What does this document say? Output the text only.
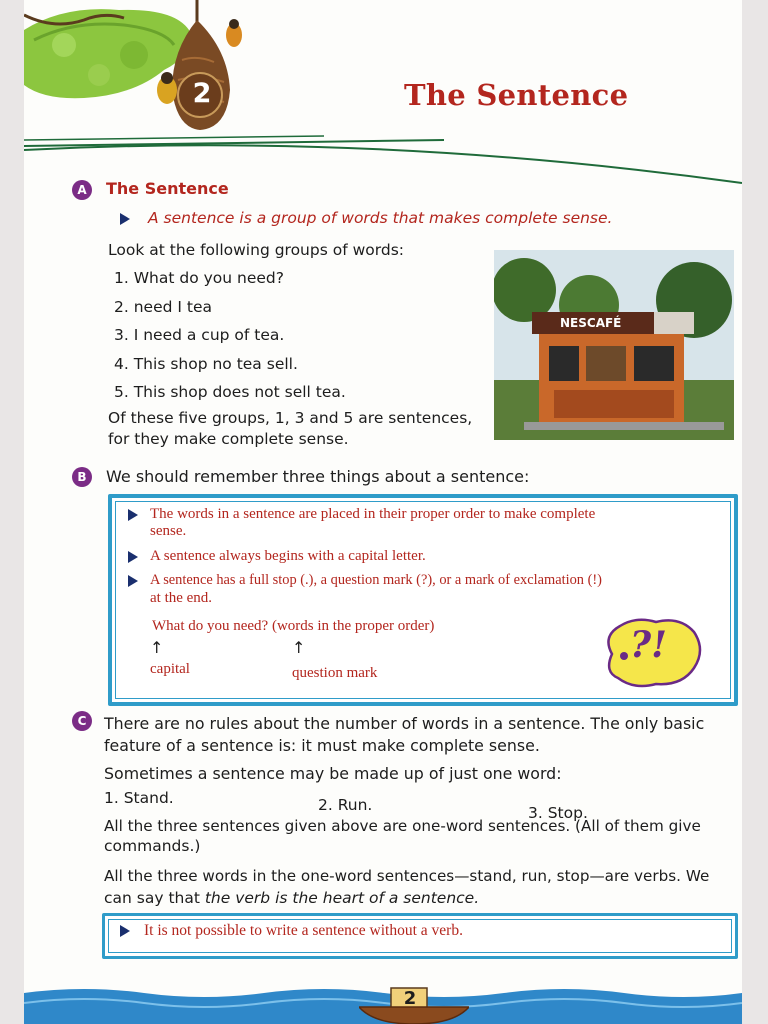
2	The Sentence
A	The Sentence
A sentence is a group of words that makes complete sense.
Look at the following groups of words:
1. What do you need?
2. need I tea
3. I need a cup of tea.
4. This shop no tea sell.
5. This shop does not sell tea.
Of these five groups, 1, 3 and 5 are sentences,
for they make complete sense.
NESCAFÉ
B	We should remember three things about a sentence:
The words in a sentence are placed in their proper order to make complete
sense.
A sentence always begins with a capital letter.
A sentence has a full stop (.), a question mark (?), or a mark of exclamation (!)
at the end.
What do you need? (words in the proper order)
↑	↑
capital	question mark
?!
C	There are no rules about the number of words in a sentence. The only basic
feature of a sentence is: it must make complete sense.
Sometimes a sentence may be made up of just one word:
1. Stand.	2. Run.	3. Stop.
All the three sentences given above are one-word sentences. (All of them give
commands.)
All the three words in the one-word sentences—stand, run, stop—are verbs. We
can say that the verb is the heart of a sentence.
It is not possible to write a sentence without a verb.
2
